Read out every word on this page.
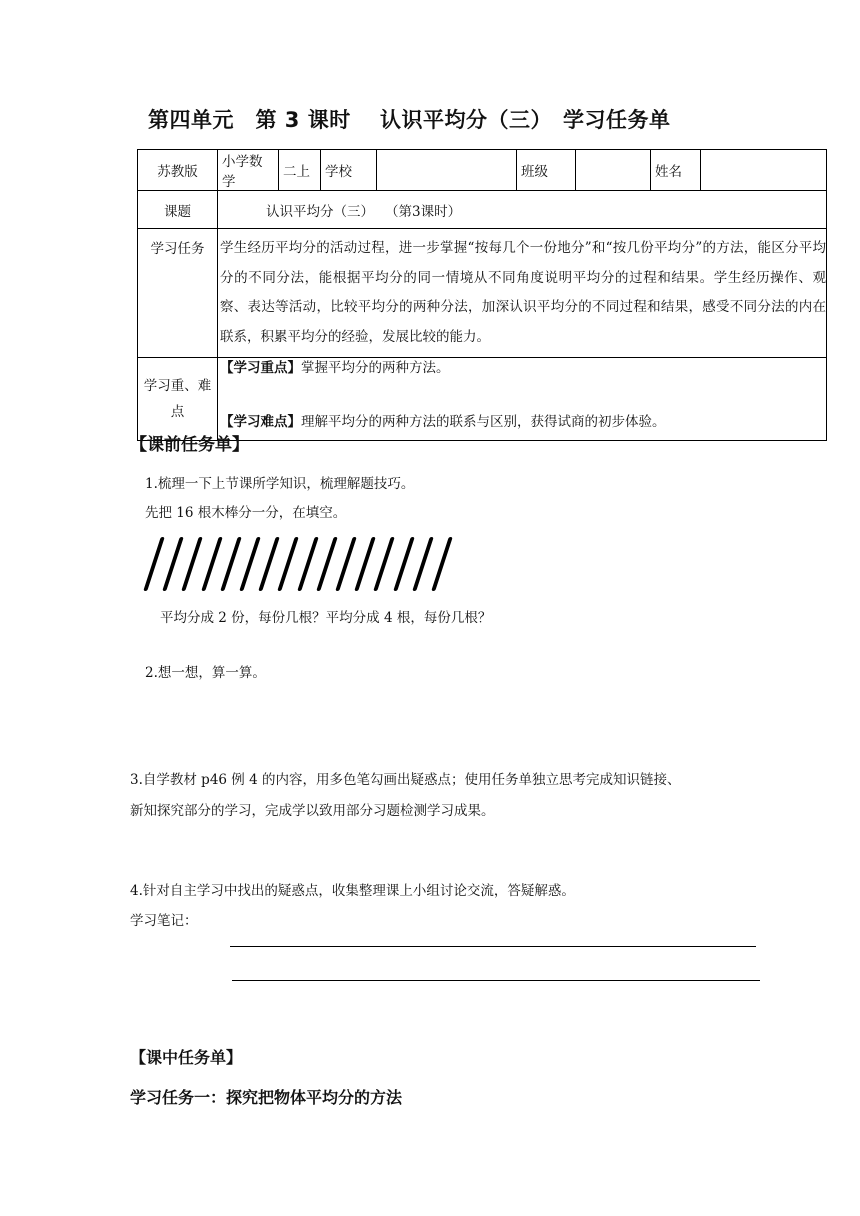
第四单元　第 3 课时　 认识平均分（三）　学习任务单
苏教版	小学数学	二上	学校		班级		姓名	
课题	认识平均分（三）　 （第3课时）							
学习任务	学生经历平均分的活动过程，进一步掌握“按每几个一份地分”和“按几份平均分”的方法，能区分平均分的不同分法，能根据平均分的同一情境从不同角度说明平均分的过程和结果。学生经历操作、观察、表达等活动，比较平均分的两种分法，加深认识平均分的不同过程和结果，感受不同分法的内在联系，积累平均分的经验，发展比较的能力。							
学习重、难点	【学习重点】掌握平均分的两种方法。
【学习难点】理解平均分的两种方法的联系与区别，获得试商的初步体验。							
【课前任务单】
1.梳理一下上节课所学知识，梳理解题技巧。
先把 16 根木棒分一分，在填空。
平均分成 2 份，每份几根？平均分成 4 根，每份几根？
2.想一想，算一算。
3.自学教材 p46 例 4 的内容，用多色笔勾画出疑惑点；使用任务单独立思考完成知识链接、
新知探究部分的学习，完成学以致用部分习题检测学习成果。
4.针对自主学习中找出的疑惑点，收集整理课上小组讨论交流，答疑解惑。
学习笔记：
【课中任务单】
学习任务一：探究把物体平均分的方法
